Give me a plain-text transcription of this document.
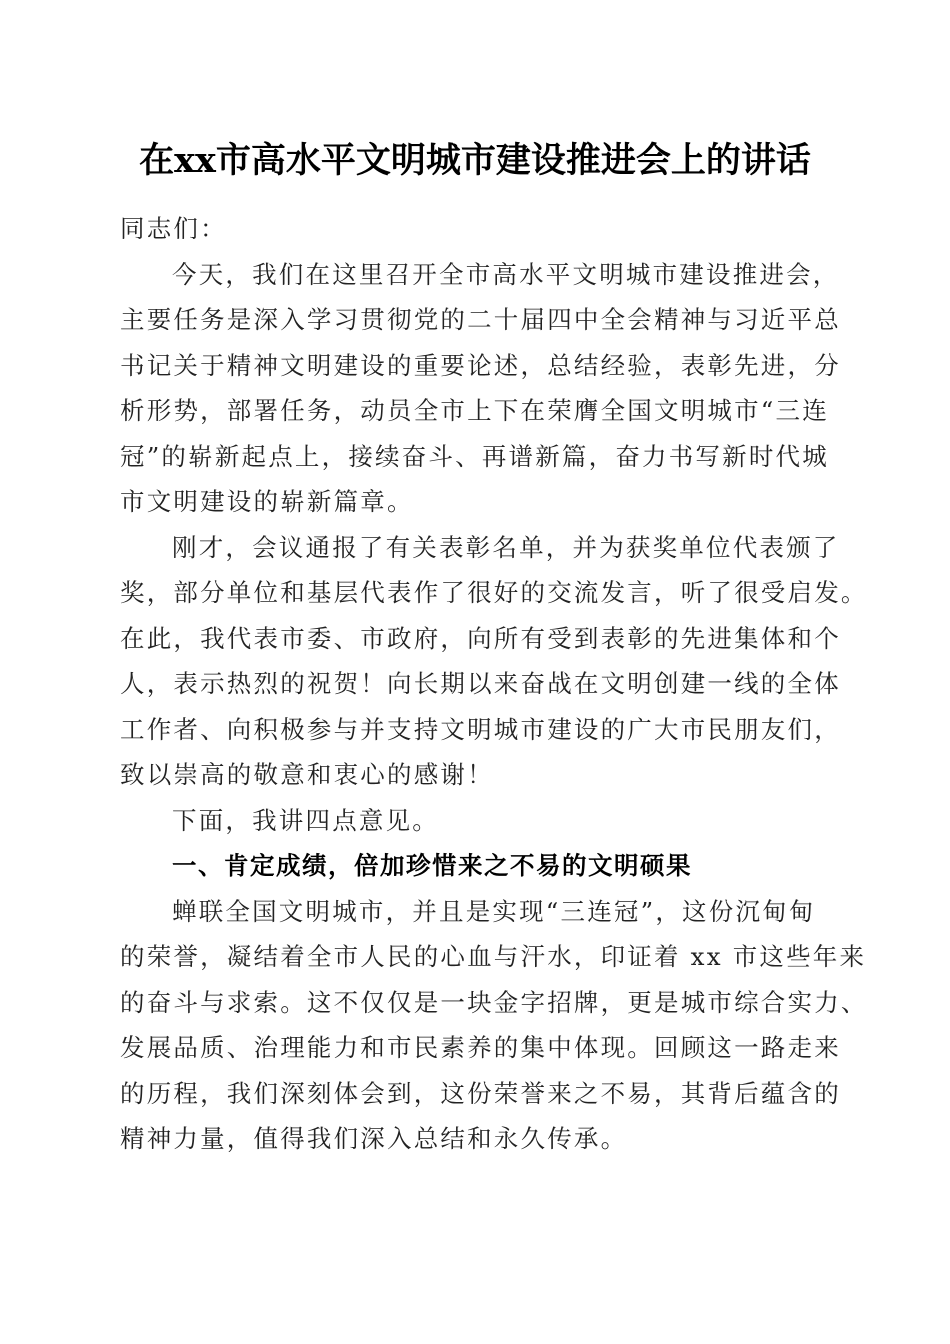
在xx市高水平文明城市建设推进会上的讲话
同志们：
今天，我们在这里召开全市高水平文明城市建设推进会，
主要任务是深入学习贯彻党的二十届四中全会精神与习近平总
书记关于精神文明建设的重要论述，总结经验，表彰先进，分
析形势，部署任务，动员全市上下在荣膺全国文明城市“三连
冠”的崭新起点上，接续奋斗、再谱新篇，奋力书写新时代城
市文明建设的崭新篇章。
刚才，会议通报了有关表彰名单，并为获奖单位代表颁了
奖，部分单位和基层代表作了很好的交流发言，听了很受启发。
在此，我代表市委、市政府，向所有受到表彰的先进集体和个
人，表示热烈的祝贺！向长期以来奋战在文明创建一线的全体
工作者、向积极参与并支持文明城市建设的广大市民朋友们，
致以崇高的敬意和衷心的感谢！
下面，我讲四点意见。
一、肯定成绩，倍加珍惜来之不易的文明硕果
蝉联全国文明城市，并且是实现“三连冠”，这份沉甸甸
的荣誉，凝结着全市人民的心血与汗水，印证着 xx 市这些年来
的奋斗与求索。这不仅仅是一块金字招牌，更是城市综合实力、
发展品质、治理能力和市民素养的集中体现。回顾这一路走来
的历程，我们深刻体会到，这份荣誉来之不易，其背后蕴含的
精神力量，值得我们深入总结和永久传承。
